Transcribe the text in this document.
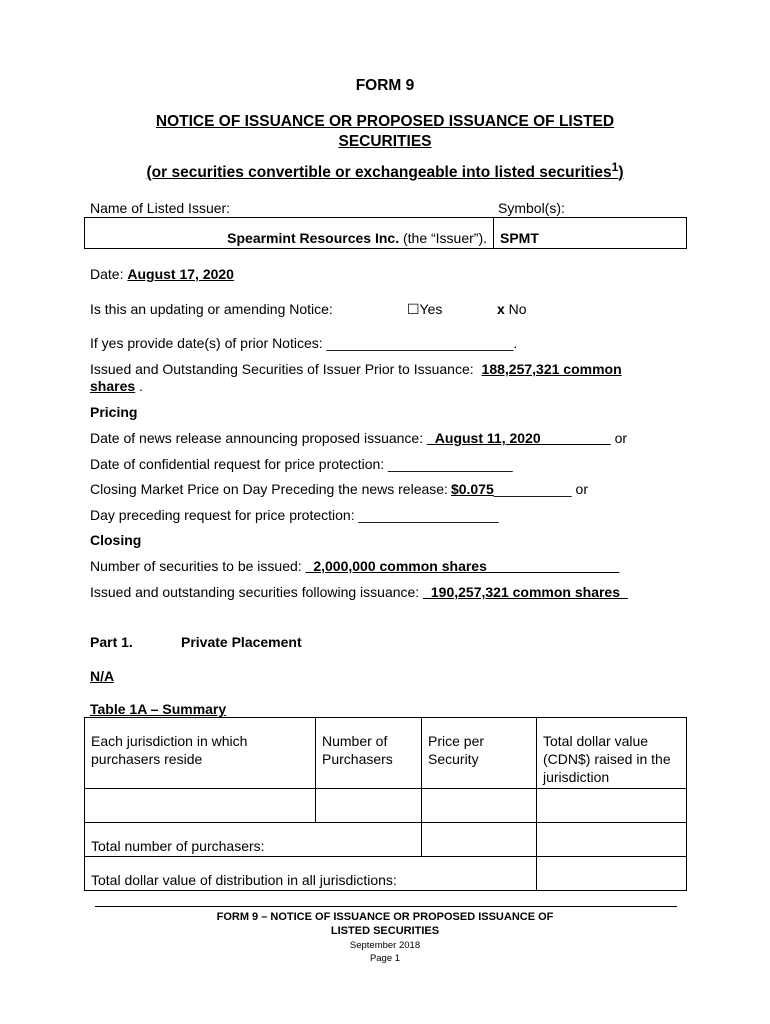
FORM 9
NOTICE OF ISSUANCE OR PROPOSED ISSUANCE OF LISTED
SECURITIES
(or securities convertible or exchangeable into listed securities$^1$)
Name of Listed Issuer:	Symbol(s):
Spearmint Resources Inc. (the “Issuer”).	SPMT
Date: August 17, 2020
Is this an updating or amending Notice:	☐Yes	x No
If yes provide date(s) of prior Notices: ________________________.
Issued and Outstanding Securities of Issuer Prior to Issuance: 188,257,321 common
shares .
Pricing
Date of news release announcing proposed issuance: _August 11, 2020_________ or
Date of confidential request for price protection: ________________
Closing Market Price on Day Preceding the news release: $0.075__________ or
Day preceding request for price protection: __________________
Closing
Number of securities to be issued: _2,000,000 common shares_________________
Issued and outstanding securities following issuance: _190,257,321 common shares_
Part 1.	Private Placement
N/A
Table 1A – Summary
Each jurisdiction in which purchasers reside	Number of Purchasers	Price per Security	Total dollar value (CDN$) raised in the jurisdiction

Total number of purchasers:			
Total dollar value of distribution in all jurisdictions:			
FORM 9 – NOTICE OF ISSUANCE OR PROPOSED ISSUANCE OF
LISTED SECURITIES
September 2018
Page 1
